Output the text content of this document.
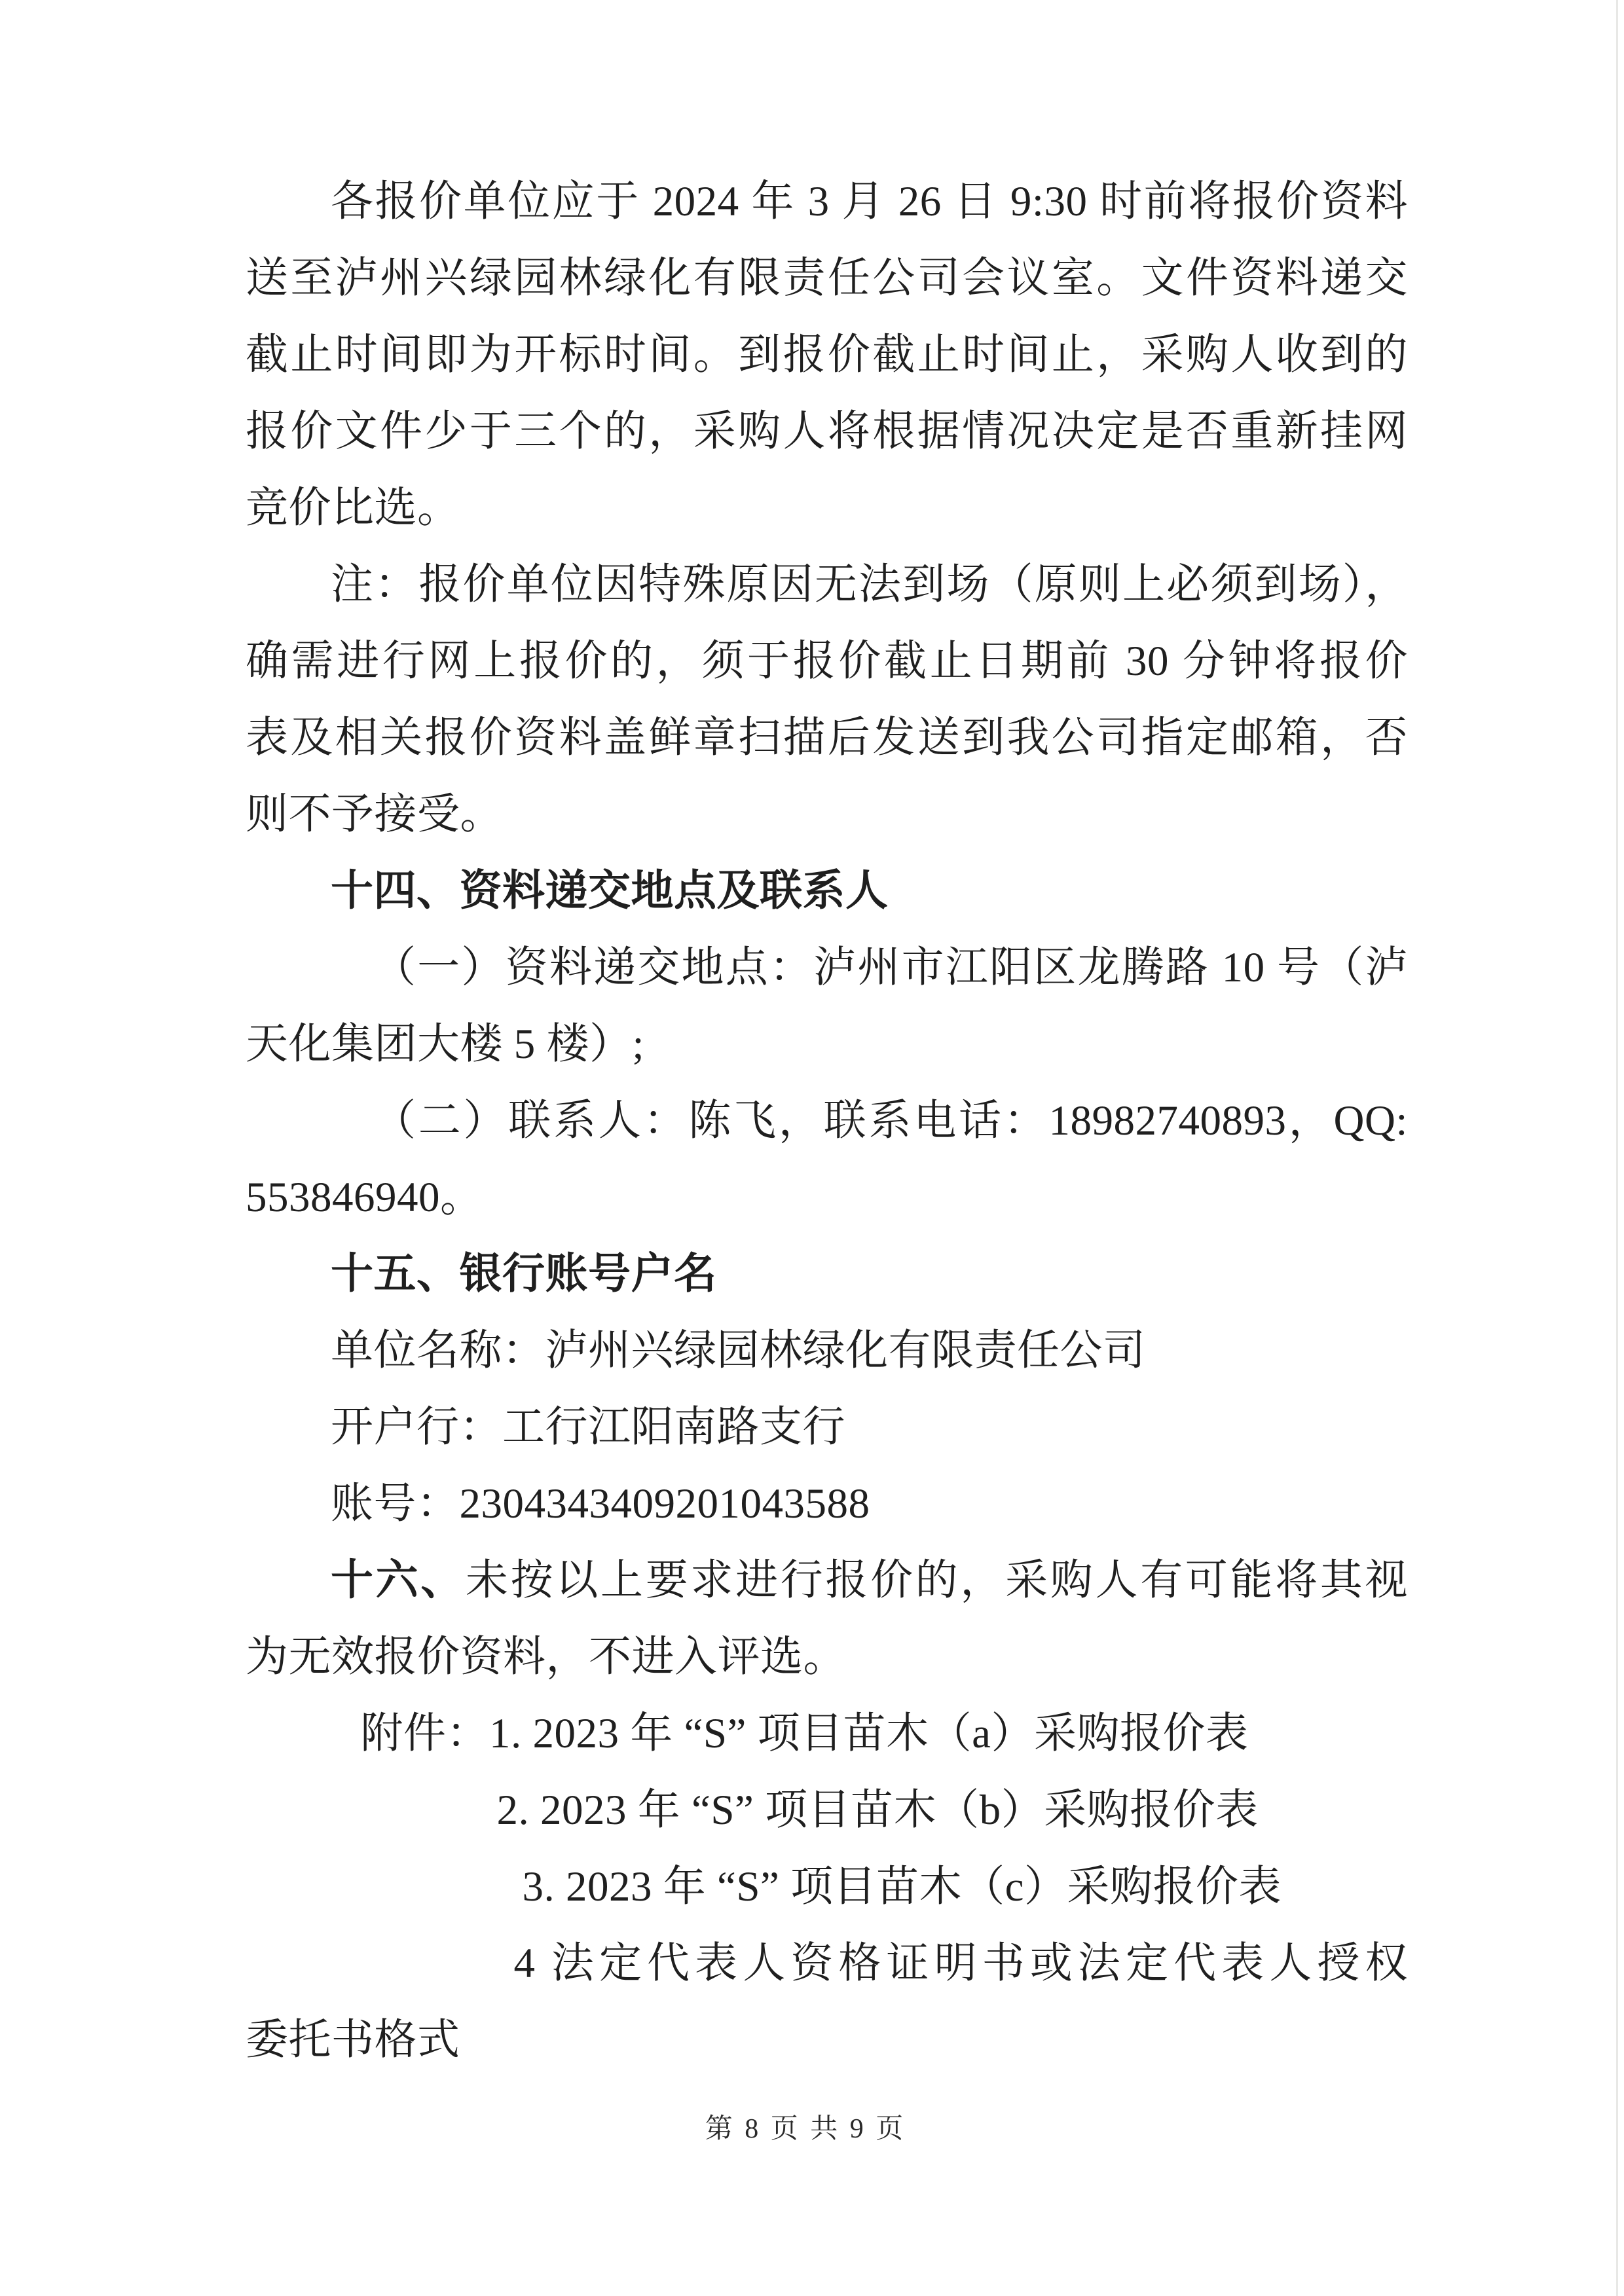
各报价单位应于 2024 年 3 月 26 日 9:30 时前将报价资料
送至泸州兴绿园林绿化有限责任公司会议室。文件资料递交
截止时间即为开标时间。到报价截止时间止，采购人收到的
报价文件少于三个的，采购人将根据情况决定是否重新挂网
竞价比选。
注：报价单位因特殊原因无法到场（原则上必须到场），
确需进行网上报价的，须于报价截止日期前 30 分钟将报价
表及相关报价资料盖鲜章扫描后发送到我公司指定邮箱，否
则不予接受。
十四、资料递交地点及联系人
（一）资料递交地点：泸州市江阳区龙腾路 10 号（泸
天化集团大楼 5 楼）;
（二）联系人：陈飞，联系电话：18982740893，QQ:
553846940。
十五、银行账号户名
单位名称：泸州兴绿园林绿化有限责任公司
开户行：工行江阳南路支行
账号：2304343409201043588
十六、未按以上要求进行报价的，采购人有可能将其视
为无效报价资料，不进入评选。
附件：1. 2023 年 “S” 项目苗木（a）采购报价表
2. 2023 年 “S” 项目苗木（b）采购报价表
3. 2023 年 “S” 项目苗木（c）采购报价表
4 法定代表人资格证明书或法定代表人授权
委托书格式
第 8 页 共 9 页
